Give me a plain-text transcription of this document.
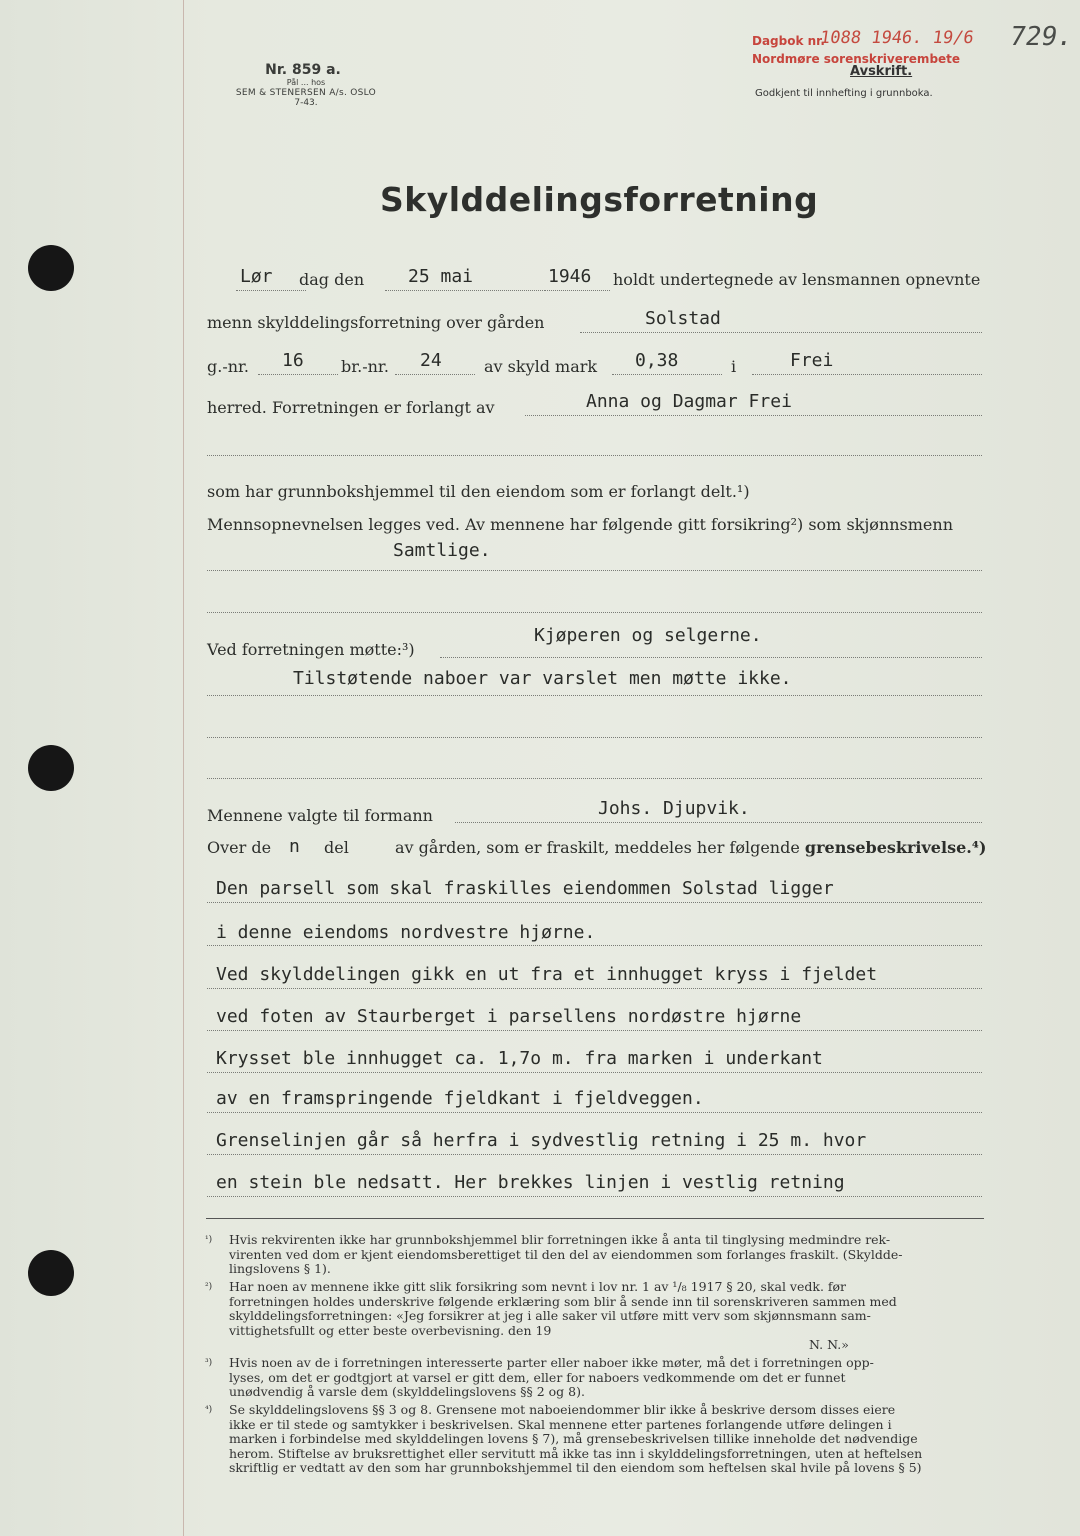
Nr. 859 a.
Pål ... hos
SEM & STENERSEN A/s. OSLO
7-43.
Dagbok nr.
1088 1946. 19/6
Nordmøre sorenskriverembete
729.
Avskrift.
Godkjent til innhefting i grunnboka.
Skylddelingsforretning
Lør dag den 25 mai	1946 holdt undertegnede av lensmannen opnevnte
menn skylddelingsforretning over gården	Solstad
g.-nr. 16 br.-nr. 24	av skyld mark 0,38	i	Frei
herred. Forretningen er forlangt av	Anna og Dagmar Frei
som har grunnbokshjemmel til den eiendom som er forlangt delt.¹)
Mennsopnevnelsen legges ved. Av mennene har følgende gitt forsikring²) som skjønnsmenn
Samtlige.
Ved forretningen møtte:³)
Kjøperen og selgerne.
Tilstøtende naboer var varslet men møtte ikke.
Mennene valgte til formann	Johs. Djupvik.
Over de n del	av gården, som er fraskilt, meddeles her følgende grensebeskrivelse.⁴)
Den parsell som skal fraskilles eiendommen Solstad ligger
i denne eiendoms nordvestre hjørne.
Ved skylddelingen gikk en ut fra et innhugget kryss i fjeldet
ved foten av Staurberget i parsellens nordøstre hjørne
Krysset ble innhugget ca. 1,7o m. fra marken i underkant
av en framspringende fjeldkant i fjeldveggen.
Grenselinjen går så herfra i sydvestlig retning i 25 m. hvor
en stein ble nedsatt. Her brekkes linjen i vestlig retning
¹) Hvis rekvirenten ikke har grunnbokshjemmel blir forretningen ikke å anta til tinglysing medmindre rek-
virenten ved dom er kjent eiendomsberettiget til den del av eiendommen som forlanges fraskilt. (Skyldde-
lingslovens § 1).
²) Har noen av mennene ikke gitt slik forsikring som nevnt i lov nr. 1 av ¹/₈ 1917 § 20, skal vedk. før
forretningen holdes underskrive følgende erklæring som blir å sende inn til sorenskriveren sammen med
skylddelingsforretningen: «Jeg forsikrer at jeg i alle saker vil utføre mitt verv som skjønnsmann sam-
vittighetsfullt og etter beste overbevisning. den 19
N. N.»
³) Hvis noen av de i forretningen interesserte parter eller naboer ikke møter, må det i forretningen opp-
lyses, om det er godtgjort at varsel er gitt dem, eller for naboers vedkommende om det er funnet
unødvendig å varsle dem (skylddelingslovens §§ 2 og 8).
⁴) Se skylddelingslovens §§ 3 og 8. Grensene mot naboeiendommer blir ikke å beskrive dersom disses eiere
ikke er til stede og samtykker i beskrivelsen. Skal mennene etter partenes forlangende utføre delingen i
marken i forbindelse med skylddelingen lovens § 7), må grensebeskrivelsen tillike inneholde det nødvendige
herom. Stiftelse av bruksrettighet eller servitutt må ikke tas inn i skylddelingsforretningen, uten at heftelsen
skriftlig er vedtatt av den som har grunnbokshjemmel til den eiendom som heftelsen skal hvile på lovens § 5)
